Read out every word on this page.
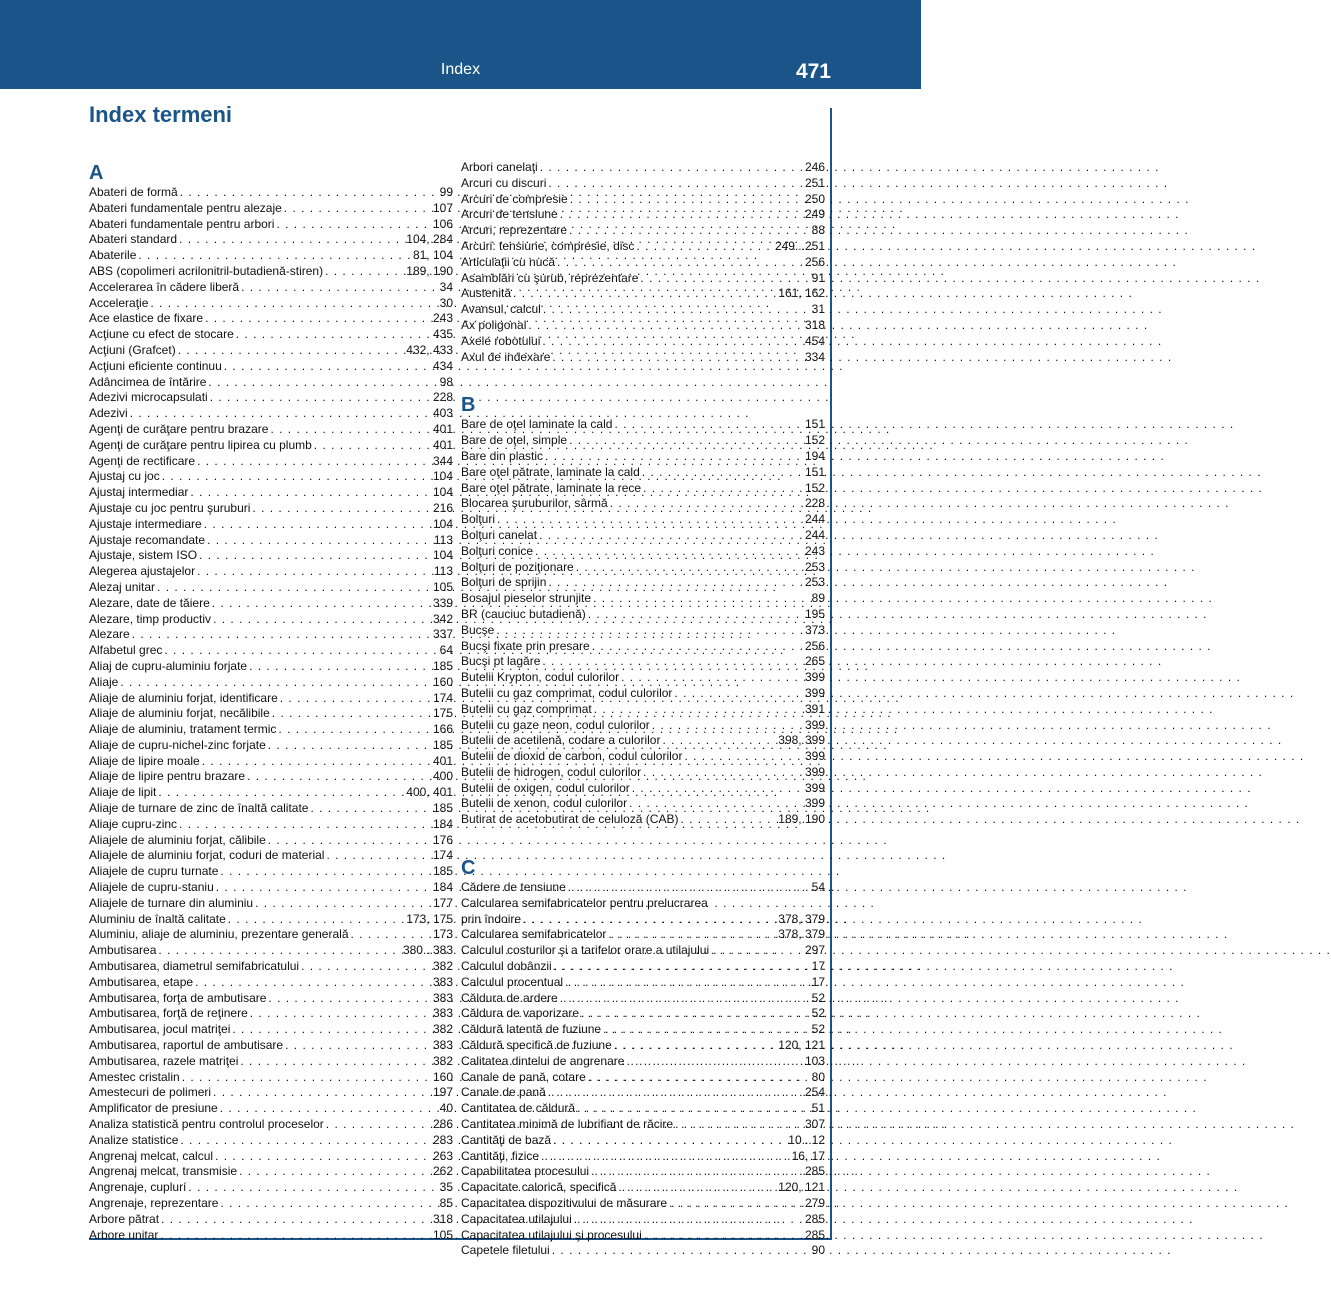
Index	471
Index termeni
A
Abateri de formă . . .	99
Abateri fundamentale pentru alezaje . . .	107
Abateri fundamentale pentru arbori . . .	106
Abateri standard . . .	104, 284
Abaterile . . .	81, 104
ABS (copolimeri acrilonitril-butadienă-stiren) . . .	189, 190
Accelerarea în cădere liberă . . .	34
Acceleraţie . . .	30
Ace elastice de fixare . . .	243
Acţiune cu efect de stocare . . .	435
Acţiuni (Grafcet) . . .	432, 433
Acţiuni eficiente continuu . . .	434
Adâncimea de întărire . . .	98
Adezivi microcapsulati . . .	228
Adezivi . . .	403
Agenţi de curăţare pentru brazare . . .	401
Agenţi de curăţare pentru lipirea cu plumb . . .	401
Agenţi de rectificare . . .	344
Ajustaj cu joc . . .	104
Ajustaj intermediar . . .	104
Ajustaje cu joc pentru şuruburi . . .	216
Ajustaje intermediare . . .	104
Ajustaje recomandate . . .	113
Ajustaje, sistem ISO . . .	104
Alegerea ajustajelor . . .	113
Alezaj unitar . . .	105
Alezare, date de tăiere . . .	339
Alezare, timp productiv . . .	342
Alezare . . .	337
Alfabetul grec . . .	64
Aliaj de cupru-aluminiu forjate . . .	185
Aliaje . . .	160
Aliaje de aluminiu forjat, identificare . . .	174
Aliaje de aluminiu forjat, necălibile . . .	175
Aliaje de aluminiu, tratament termic . . .	166
Aliaje de cupru-nichel-zinc forjate . . .	185
Aliaje de lipire moale . . .	401
Aliaje de lipire pentru brazare . . .	400
Aliaje de lipit . . .	400, 401
Aliaje de turnare de zinc de înaltă calitate . . .	185
Aliaje cupru-zinc . . .	184
Aliajele de aluminiu forjat, călibile . . .	176
Aliajele de aluminiu forjat, coduri de material . . .	174
Aliajele de cupru turnate . . .	185
Aliajele de cupru-staniu . . .	184
Aliajele de turnare din aluminiu . . .	177
Aluminiu de înaltă calitate . . .	173, 175
Aluminiu, aliaje de aluminiu, prezentare generală . . .	173
Ambutisarea . . .	380...383
Ambutisarea, diametrul semifabricatului . . .	382
Ambutisarea, etape . . .	383
Ambutisarea, forţa de ambutisare . . .	383
Ambutisarea, forţă de reţinere . . .	383
Ambutisarea, jocul matriţei . . .	382
Ambutisarea, raportul de ambutisare . . .	383
Ambutisarea, razele matriţei . . .	382
Amestec cristalin . . .	160
Amestecuri de polimeri . . .	197
Amplificator de presiune . . .	40
Analiza statistică pentru controlul proceselor . . .	286
Analize statistice . . .	283
Angrenaj melcat, calcul . . .	263
Angrenaj melcat, transmisie . . .	262
Angrenaje, cuplurí . . .	35
Angrenaje, reprezentare . . .	85
Arbore pătrat . . .	318
Arbore unitar . . .	105
Arbori canelaţi . . .	246
Arcuri cu discuri . . .	251
Arcuri de compresie . . .	250
Arcuri de tensiune . . .	249
Arcuri, reprezentare . . .	88
Arcuri: tensiune, compresie, disc . . .	249...251
Articulaţii cu nucă . . .	256
Asamblări cu şurub, reprezentare . . .	91
Austenită . . .	161, 162
Avansul, calcul . . .	31
Ax poligonal . . .	318
Axele robotului . . .	454
Axul de indexare . . .	334
B
Bare de oţel laminate la cald . . .	151
Bare de oţel, simple . . .	152
Bare din plastic . . .	194
Bare oţel pătrate, laminate la cald . . .	151
Bare oţel pătrate, laminate la rece . . .	152
Blocarea şuruburilor, sârmă . . .	228
Bolţuri . . .	244
Bolţuri canelat . . .	244
Bolţuri conice . . .	243
Bolţuri de poziţionare . . .	253
Bolţuri de sprijin . . .	253
Bosajul pieselor strunjite . . .	89
BR (cauciuc butadienă) . . .	195
Bucşe . . .	373
Bucşi fixate prin presare . . .	256
Bucşi pt lagăre . . .	265
Butelii Krypton, codul culorilor . . .	399
Butelii cu gaz comprimat, codul culorilor . . .	399
Butelii cu gaz comprimat . . .	391
Butelii cu gaze neon, codul culorilor . . .	399
Butelii de acetilenă, codare a culorilor . . .	398, 399
Butelii de dioxid de carbon, codul culorilor . . .	399
Butelii de hidrogen, codul culorilor . . .	399
Butelii de oxigen, codul culorilor . . .	399
Butelii de xenon, codul culorilor . . .	399
Butirat de acetobutirat de celuloză (CAB) . . .	189, 190
C
Cădere de tensiune . . .	54
Calcularea semifabricatelor pentru prelucrarea
prin îndoire . . .	378, 379
Calcularea semifabricatelor . . .	378, 379
Calculul costurilor şi a tarifelor orare a utilajului . . .	297
Calculul dobânzii . . .	17
Calculul procentual . . .	17
Căldura de ardere . . .	52
Căldura de vaporizare . . .	52
Căldură latentă de fuziune . . .	52
Căldură specifică de fuziune . . .	120, 121
Calitatea dintelui de angrenare . . .	103
Canale de pană, cotare . . .	80
Canale de pană . . .	254
Cantitatea de căldură . . .	51
Cantitatea minimă de lubrifiant de răcire . . .	307
Cantităţi de bază . . .	10...12
Cantităţi, fizice . . .	16, 17
Capabilitatea procesului . . .	285
Capacitate calorică, specifică . . .	120, 121
Capacitatea dispozitivului de măsurare . . .	279
Capacitatea utilajului . . .	285
Capacitatea utilajului şi procesului . . .	285
Capetele filetului . . .	90
